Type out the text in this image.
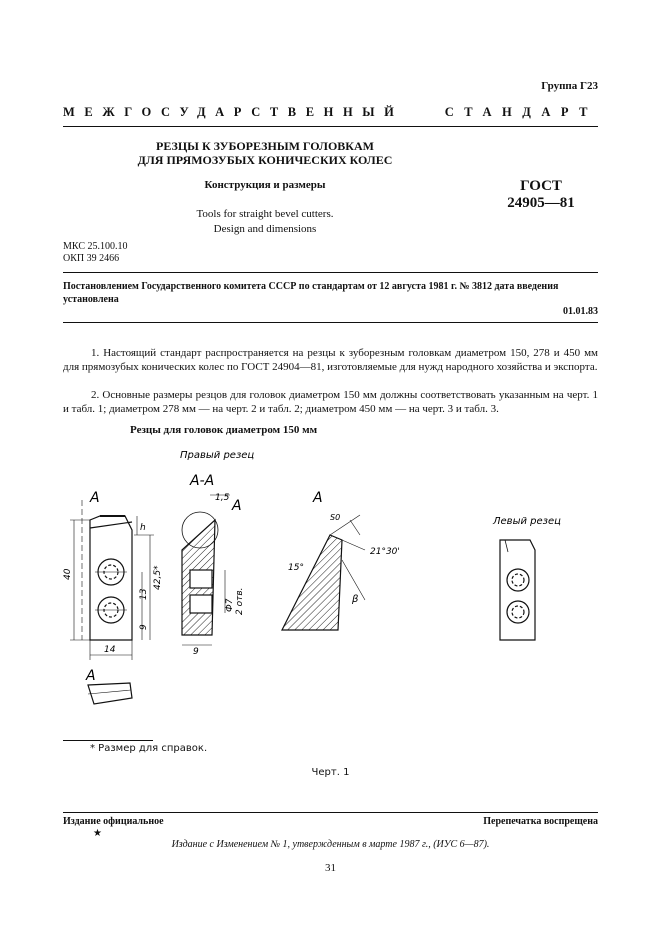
Группа Г23
МЕЖГОСУДАРСТВЕННЫЙ	СТАНДАРТ
РЕЗЦЫ К ЗУБОРЕЗНЫМ ГОЛОВКАМ
ДЛЯ ПРЯМОЗУБЫХ КОНИЧЕСКИХ КОЛЕС
Конструкция и размеры
Tools for straight bevel cutters.
Design and dimensions
ГОСТ
24905—81
МКС 25.100.10
ОКП 39 2466
Постановлением Государственного комитета СССР по стандартам от 12 августа 1981 г. № 3812 дата введения установлена
01.01.83
1. Настоящий стандарт распространяется на резцы к зуборезным головкам диаметром 150, 278 и 450 мм для прямозубых конических колес по ГОСТ 24904—81, изготовляемые для нужд народного хозяйства и экспорта.
2. Основные размеры резцов для головок диаметром 150 мм должны соответствовать указанным на черт. 1 и табл. 1; диаметром 278 мм — на черт. 2 и табл. 2; диаметром 450 мм — на черт. 3 и табл. 3.
Резцы для головок диаметром 150 мм
Правый резец
А
40	42,5*
13
9
14
h
А
А-А
1,5 А
Ф7 2 отв.
9
А
S0
15°
21°30'
β
Левый резец
* Размер для справок.
Черт. 1
Издание официальное	Перепечатка воспрещена
★
Издание с Изменением № 1, утвержденным в марте 1987 г., (ИУС 6—87).
31
